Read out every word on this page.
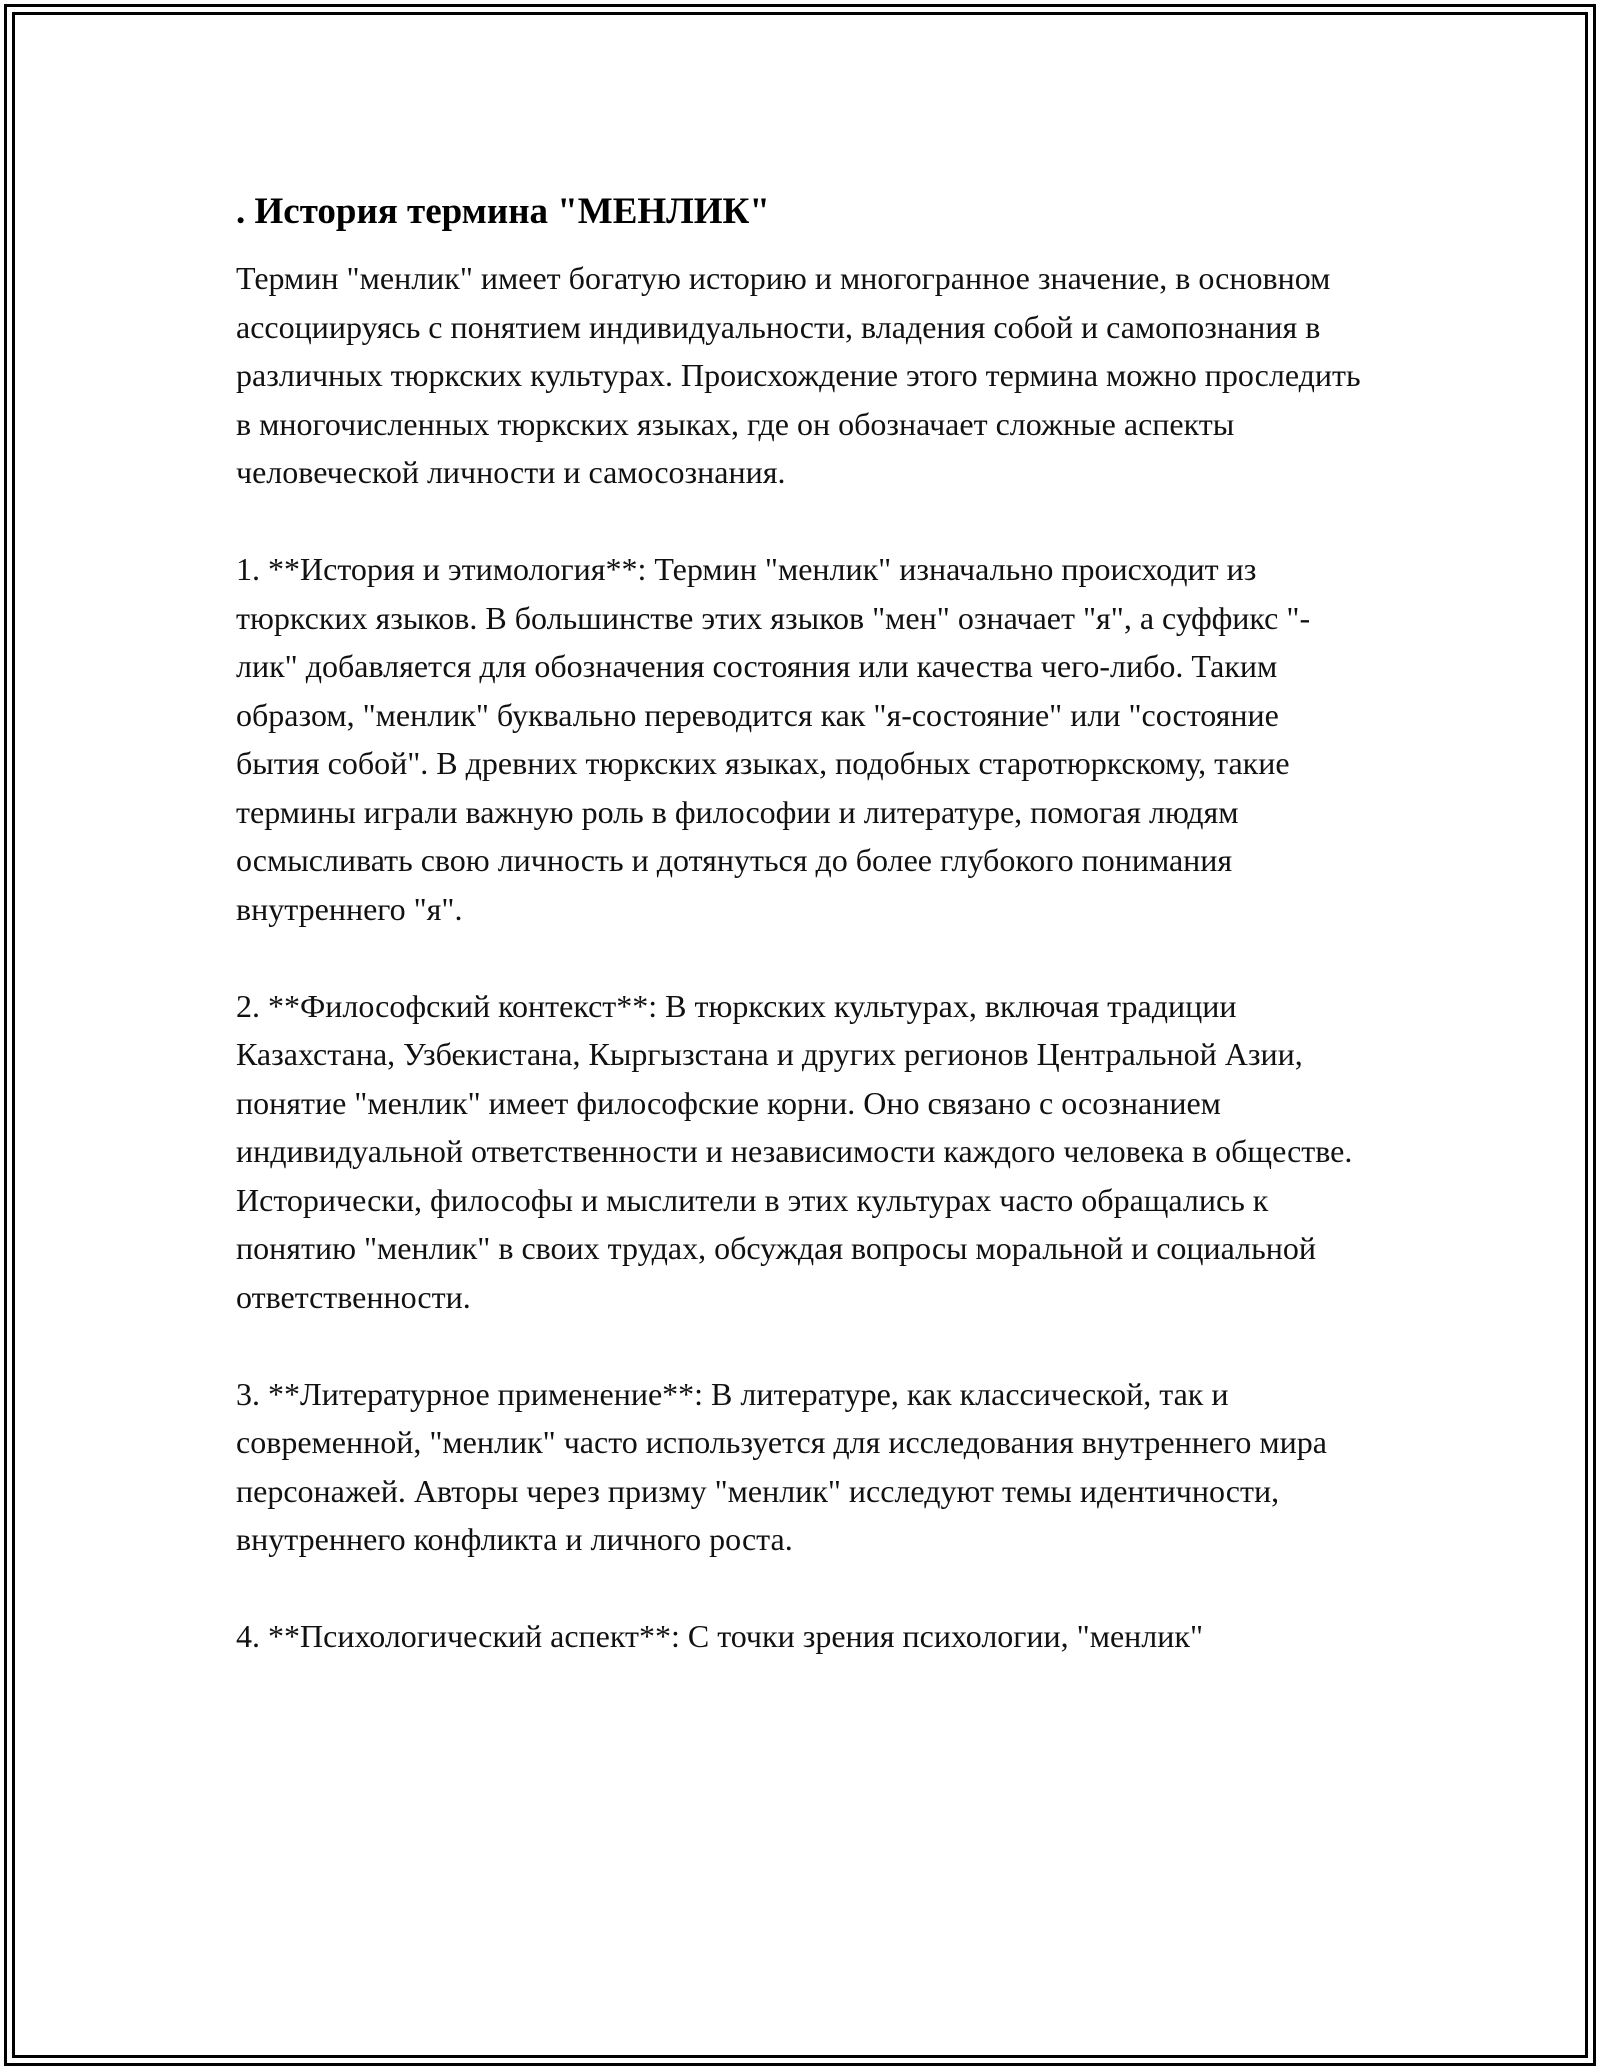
. История термина "МЕНЛИК"

Термин "менлик" имеет богатую историю и многогранное значение, в основном ассоциируясь с понятием индивидуальности, владения собой и самопознания в различных тюркских культурах. Происхождение этого термина можно проследить в многочисленных тюркских языках, где он обозначает сложные аспекты человеческой личности и самосознания.

1. **История и этимология**: Термин "менлик" изначально происходит из тюркских языков. В большинстве этих языков "мен" означает "я", а суффикс "-лик" добавляется для обозначения состояния или качества чего-либо. Таким образом, "менлик" буквально переводится как "я-состояние" или "состояние бытия собой". В древних тюркских языках, подобных старотюркскому, такие термины играли важную роль в философии и литературе, помогая людям осмысливать свою личность и дотянуться до более глубокого понимания внутреннего "я".

2. **Философский контекст**: В тюркских культурах, включая традиции Казахстана, Узбекистана, Кыргызстана и других регионов Центральной Азии, понятие "менлик" имеет философские корни. Оно связано с осознанием индивидуальной ответственности и независимости каждого человека в обществе. Исторически, философы и мыслители в этих культурах часто обращались к понятию "менлик" в своих трудах, обсуждая вопросы моральной и социальной ответственности.

3. **Литературное применение**: В литературе, как классической, так и современной, "менлик" часто используется для исследования внутреннего мира персонажей. Авторы через призму "менлик" исследуют темы идентичности, внутреннего конфликта и личного роста.

4. **Психологический аспект**: С точки зрения психологии, "менлик"
